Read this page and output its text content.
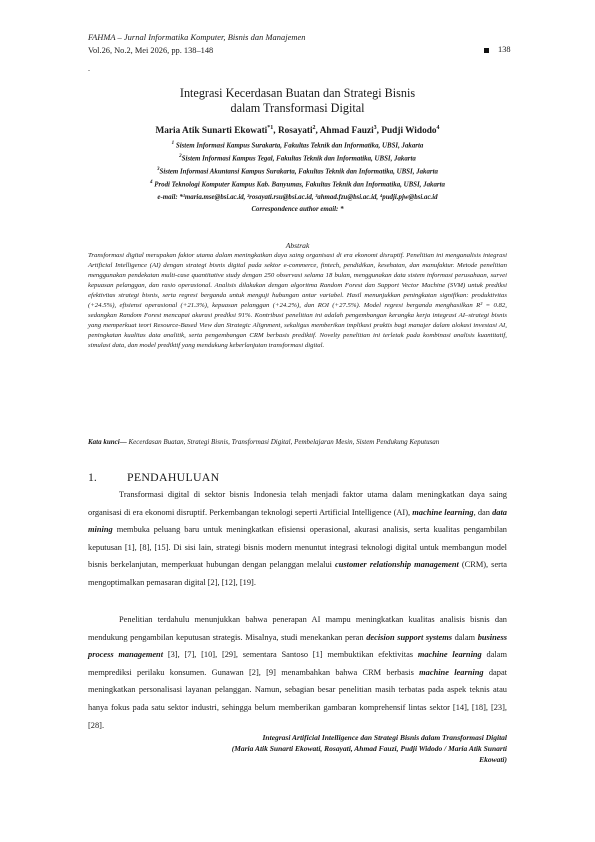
FAHMA – Jurnal Informatika Komputer, Bisnis dan Manajemen
Vol.26, No.2, Mei 2026, pp. 138–148	138
.
Integrasi Kecerdasan Buatan dan Strategi Bisnis
dalam Transformasi Digital
Maria Atik Sunarti Ekowati$^{*1}$, Rosayati$^2$, Ahmad Fauzi$^3$, Pudji Widodo$^4$
$^1$ Sistem Informasi Kampus Surakarta, Fakultas Teknik dan Informatika, UBSI, Jakarta
$^2$Sistem Informasi Kampus Tegal, Fakultas Teknik dan Informatika, UBSI, Jakarta
$^3$Sistem Informasi Akuntansi Kampus Surakarta, Fakultas Teknik dan Informatika, UBSI, Jakarta
$^4$ Prodi Teknologi Komputer Kampus Kab. Banyumas, Fakultas Teknik dan Informatika, UBSI, Jakarta
e-mail: *¹maria.mse@bsi.ac.id, ²rosayati.rsu@bsi.ac.id, ³ahmad.fzu@bsi.ac.id, ⁴pudji.pjw@bsi.ac.id
Correspondence author email: *
Abstrak
Transformasi digital merupakan faktor utama dalam meningkatkan daya saing organisasi di era ekonomi disruptif. Penelitian ini menganalisis integrasi Artificial Intelligence (AI) dengan strategi bisnis digital pada sektor e-commerce, fintech, pendidikan, kesehatan, dan manufaktur. Metode penelitian menggunakan pendekatan multi-case quantitative study dengan 250 observasi selama 18 bulan, menggunakan data sistem informasi perusahaan, survei kepuasan pelanggan, dan rasio operasional. Analisis dilakukan dengan algoritma Random Forest dan Support Vector Machine (SVM) untuk prediksi efektivitas strategi bisnis, serta regresi berganda untuk menguji hubungan antar variabel. Hasil menunjukkan peningkatan signifikan: produktivitas (+24.5%), efisiensi operasional (+21.3%), kepuasan pelanggan (+24.2%), dan ROI (+27.5%). Model regresi berganda menghasilkan R² = 0.82, sedangkan Random Forest mencapai akurasi prediksi 91%. Kontribusi penelitian ini adalah pengembangan kerangka kerja integrasi AI–strategi bisnis yang memperkuat teori Resource-Based View dan Strategic Alignment, sekaligus memberikan implikasi praktis bagi manajer dalam alokasi investasi AI, peningkatan kualitas data analitik, serta pengembangan CRM berbasis prediktif. Novelty penelitian ini terletak pada kombinasi analisis kuantitatif, simulasi data, dan model prediktif yang mendukung keberlanjutan transformasi digital.
Kata kunci— Kecerdasan Buatan, Strategi Bisnis, Transformasi Digital, Pembelajaran Mesin, Sistem Pendukung Keputusan
1.	PENDAHULUAN
Transformasi digital di sektor bisnis Indonesia telah menjadi faktor utama dalam meningkatkan daya saing organisasi di era ekonomi disruptif. Perkembangan teknologi seperti Artificial Intelligence (AI), machine learning, dan data mining membuka peluang baru untuk meningkatkan efisiensi operasional, akurasi analisis, serta kualitas pengambilan keputusan [1], [8], [15]. Di sisi lain, strategi bisnis modern menuntut integrasi teknologi digital untuk membangun model bisnis berkelanjutan, memperkuat hubungan dengan pelanggan melalui customer relationship management (CRM), serta mengoptimalkan pemasaran digital [2], [12], [19].
Penelitian terdahulu menunjukkan bahwa penerapan AI mampu meningkatkan kualitas analisis bisnis dan mendukung pengambilan keputusan strategis. Misalnya, studi menekankan peran decision support systems dalam business process management [3], [7], [10], [29], sementara Santoso [1] membuktikan efektivitas machine learning dalam memprediksi perilaku konsumen. Gunawan [2], [9] menambahkan bahwa CRM berbasis machine learning dapat meningkatkan personalisasi layanan pelanggan. Namun, sebagian besar penelitian masih terbatas pada aspek teknis atau hanya fokus pada satu sektor industri, sehingga belum memberikan gambaran komprehensif lintas sektor [14], [18], [23], [28].
Integrasi Artificial Intelligence dan Strategi Bisnis dalam Transformasi Digital
(Maria Atik Sunarti Ekowati, Rosayati, Ahmad Fauzi, Pudji Widodo / Maria Atik Sunarti
Ekowati)
